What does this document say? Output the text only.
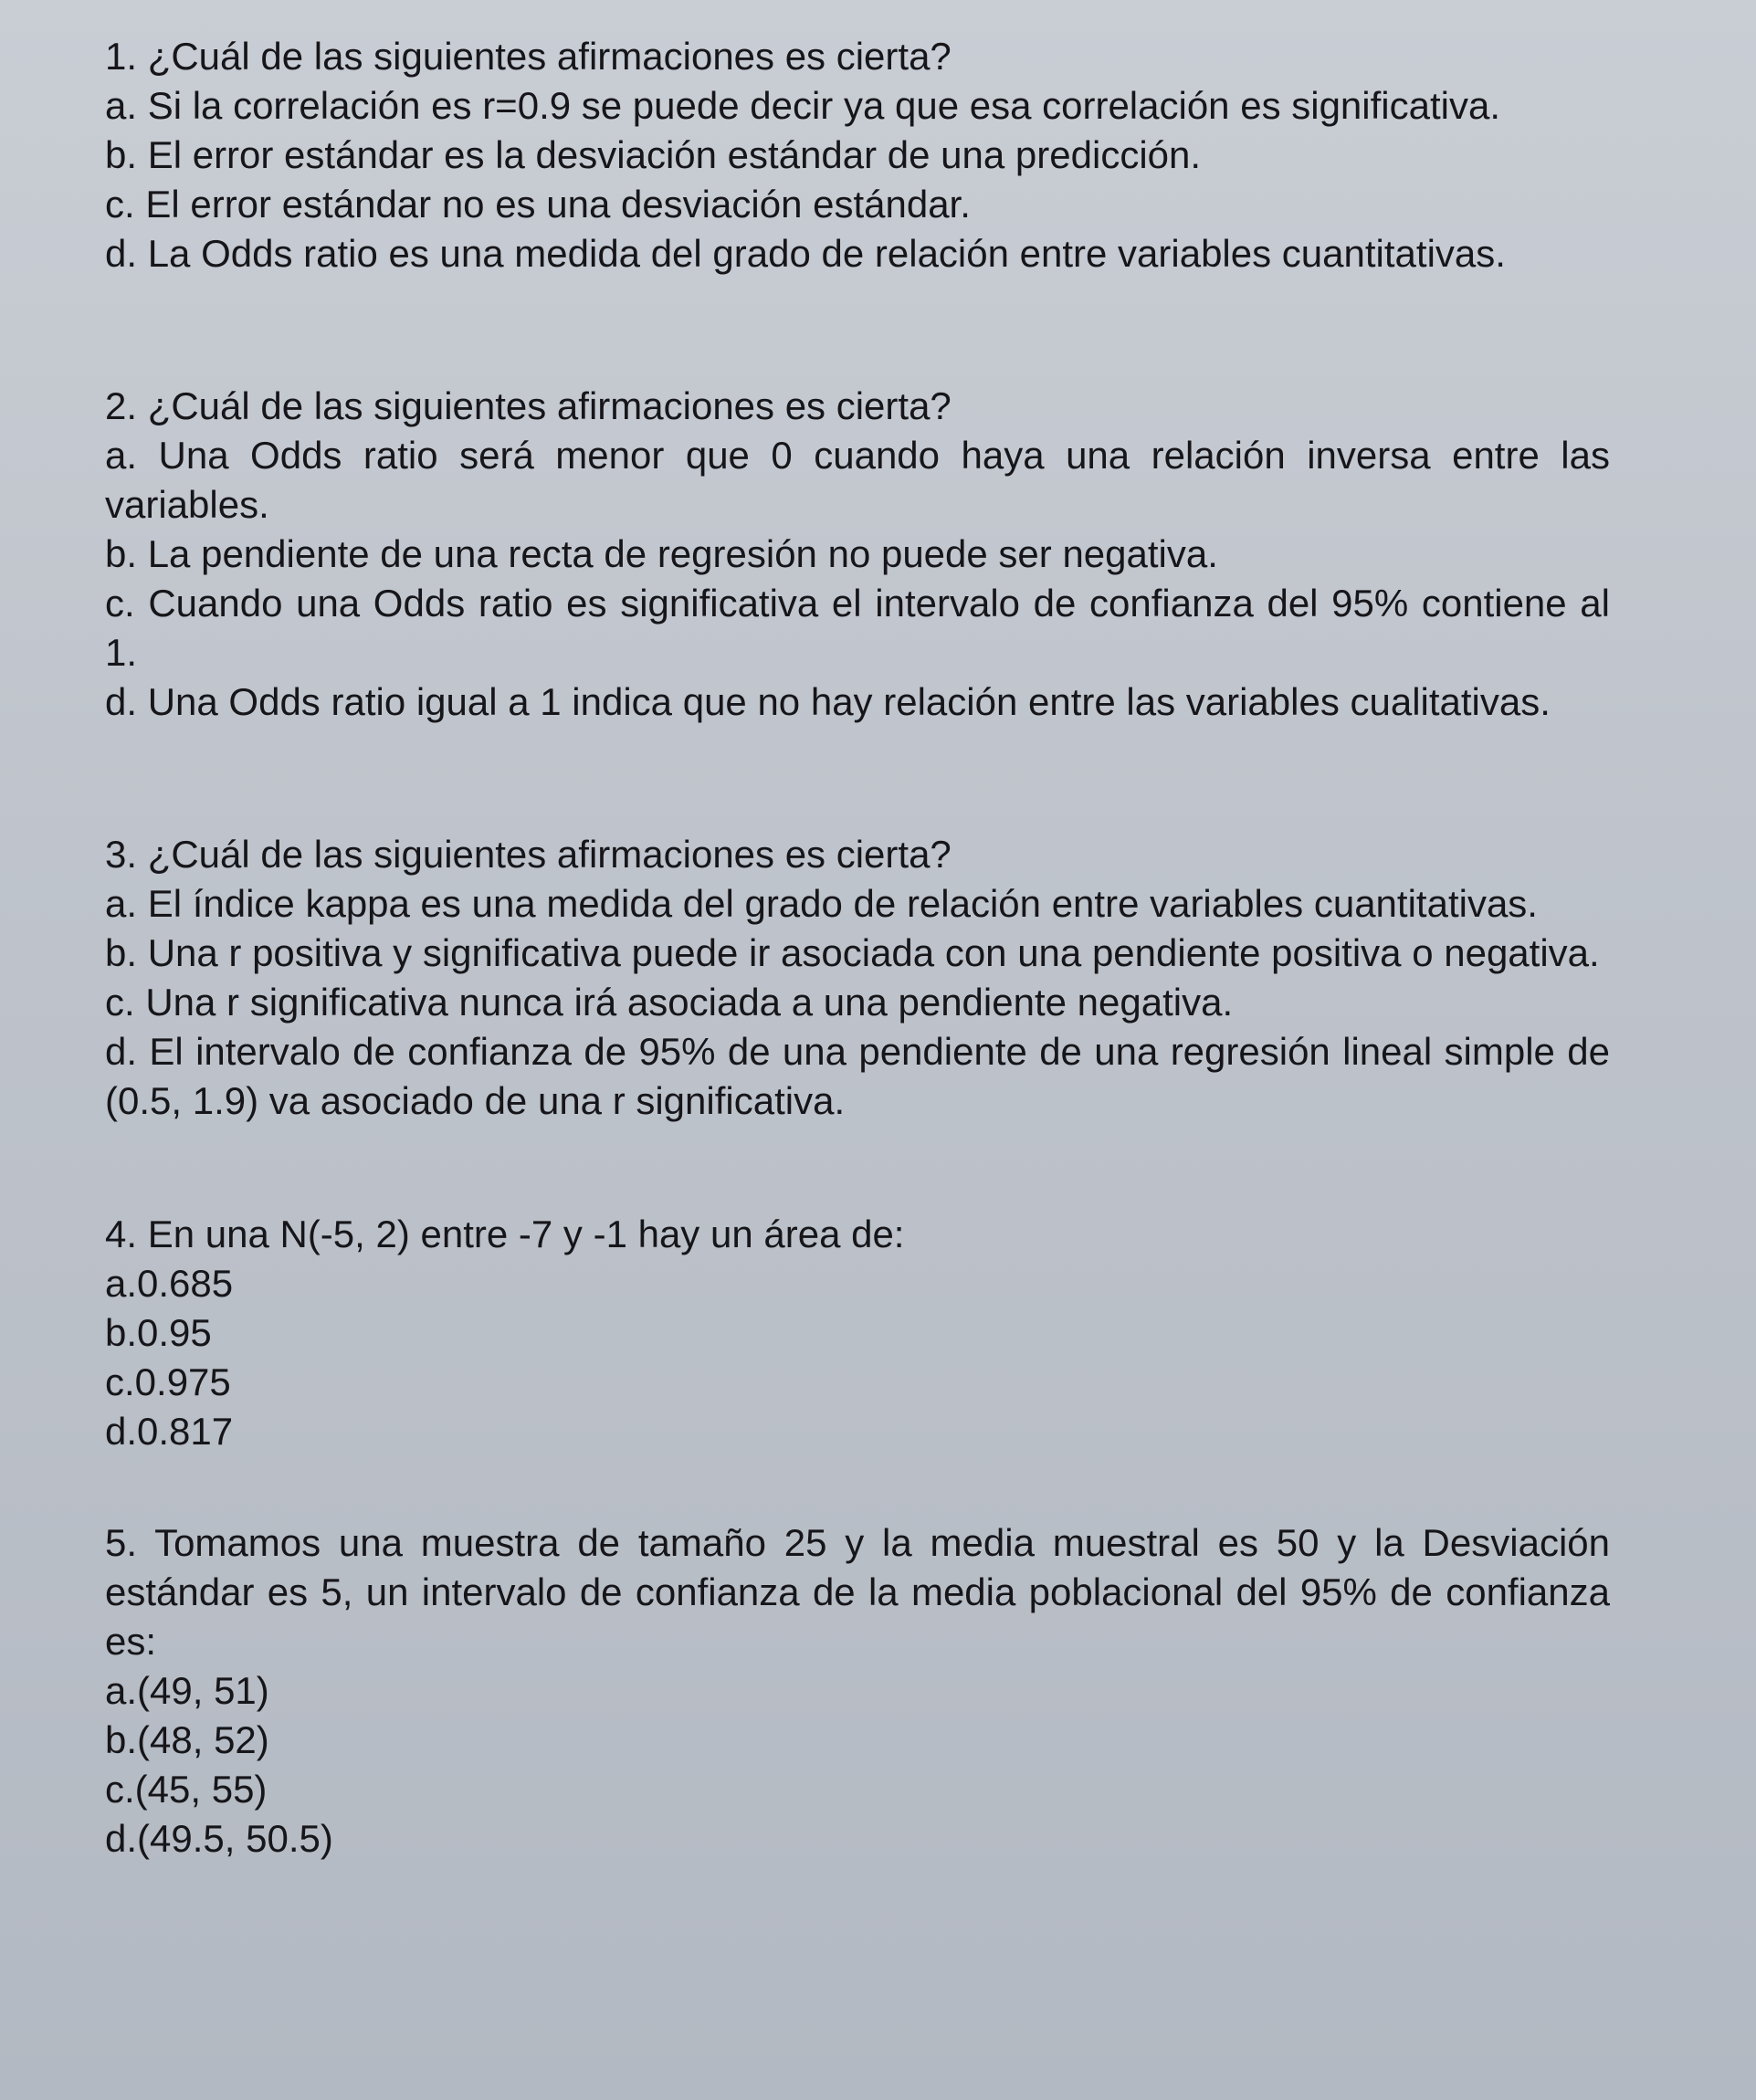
1. ¿Cuál de las siguientes afirmaciones es cierta?

a. Si la correlación es r=0.9 se puede decir ya que esa correlación es significativa.

b. El error estándar es la desviación estándar de una predicción.

c. El error estándar no es una desviación estándar.

d. La Odds ratio es una medida del grado de relación entre variables cuantitativas.

2. ¿Cuál de las siguientes afirmaciones es cierta?

a. Una Odds ratio será menor que 0 cuando haya una relación inversa entre las variables.

b. La pendiente de una recta de regresión no puede ser negativa.

c. Cuando una Odds ratio es significativa el intervalo de confianza del 95% contiene al 1.

d. Una Odds ratio igual a 1 indica que no hay relación entre las variables cualitativas.

3. ¿Cuál de las siguientes afirmaciones es cierta?

a. El índice kappa es una medida del grado de relación entre variables cuantitativas.

b. Una r positiva y significativa puede ir asociada con una pendiente positiva o negativa.

c. Una r significativa nunca irá asociada a una pendiente negativa.

d. El intervalo de confianza de 95% de una pendiente de una regresión lineal simple de (0.5, 1.9) va asociado de una r significativa.

4. En una N(-5, 2) entre -7 y -1 hay un área de:

a.0.685

b.0.95

c.0.975

d.0.817

5. Tomamos una muestra de tamaño 25 y la media muestral es 50 y la Desviación estándar es 5, un intervalo de confianza de la media poblacional del 95% de confianza es:

a.(49, 51)

b.(48, 52)

c.(45, 55)

d.(49.5, 50.5)
